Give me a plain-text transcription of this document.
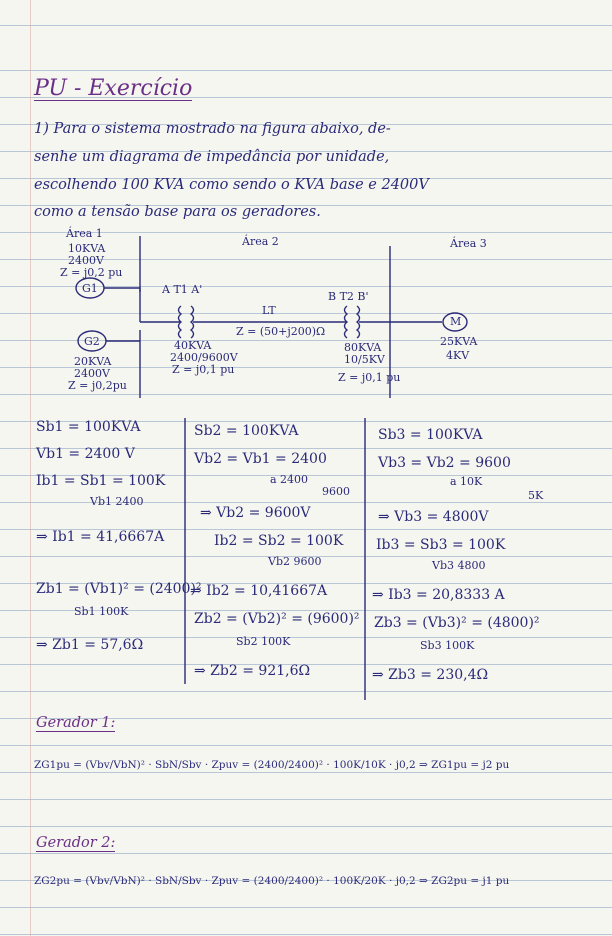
PU - Exercício
1) Para o sistema mostrado na figura abaixo, de-
senhe um diagrama de impedância por unidade,
escolhendo 100 KVA como sendo o KVA base e 2400V
como a tensão base para os geradores.
Área 1
Área 2	Área 3
10KVA
2400V
Z = j0,2 pu
G1
G2
20KVA
2400V
Z = j0,2pu
A T1 A'
40KVA
2400/9600V
Z = j0,1 pu
LT
Z = (50+j200)Ω
B T2 B'
80KVA
10/5KV
Z = j0,1 pu
M
25KVA
4KV
Sb1 = 100KVA
Vb1 = 2400 V
Ib1 = Sb1 = 100K
Vb1 2400
⇒ Ib1 = 41,6667A
Zb1 = (Vb1)² = (2400)²
Sb1 100K
⇒ Zb1 = 57,6Ω
Sb2 = 100KVA
Vb2 = Vb1 = 2400
a 2400
9600
⇒ Vb2 = 9600V
Ib2 = Sb2 = 100K
Vb2 9600
⇒ Ib2 = 10,41667A
Zb2 = (Vb2)² = (9600)²
Sb2 100K
⇒ Zb2 = 921,6Ω
Sb3 = 100KVA
Vb3 = Vb2 = 9600
a 10K
5K
⇒ Vb3 = 4800V
Ib3 = Sb3 = 100K
Vb3 4800
⇒ Ib3 = 20,8333 A
Zb3 = (Vb3)² = (4800)²
Sb3 100K
⇒ Zb3 = 230,4Ω
Gerador 1:
ZG1pu = (Vbv/VbN)² · SbN/Sbv · Zpuv = (2400/2400)² · 100K/10K · j0,2 ⇒ ZG1pu = j2 pu
Gerador 2:
ZG2pu = (Vbv/VbN)² · SbN/Sbv · Zpuv = (2400/2400)² · 100K/20K · j0,2 ⇒ ZG2pu = j1 pu
